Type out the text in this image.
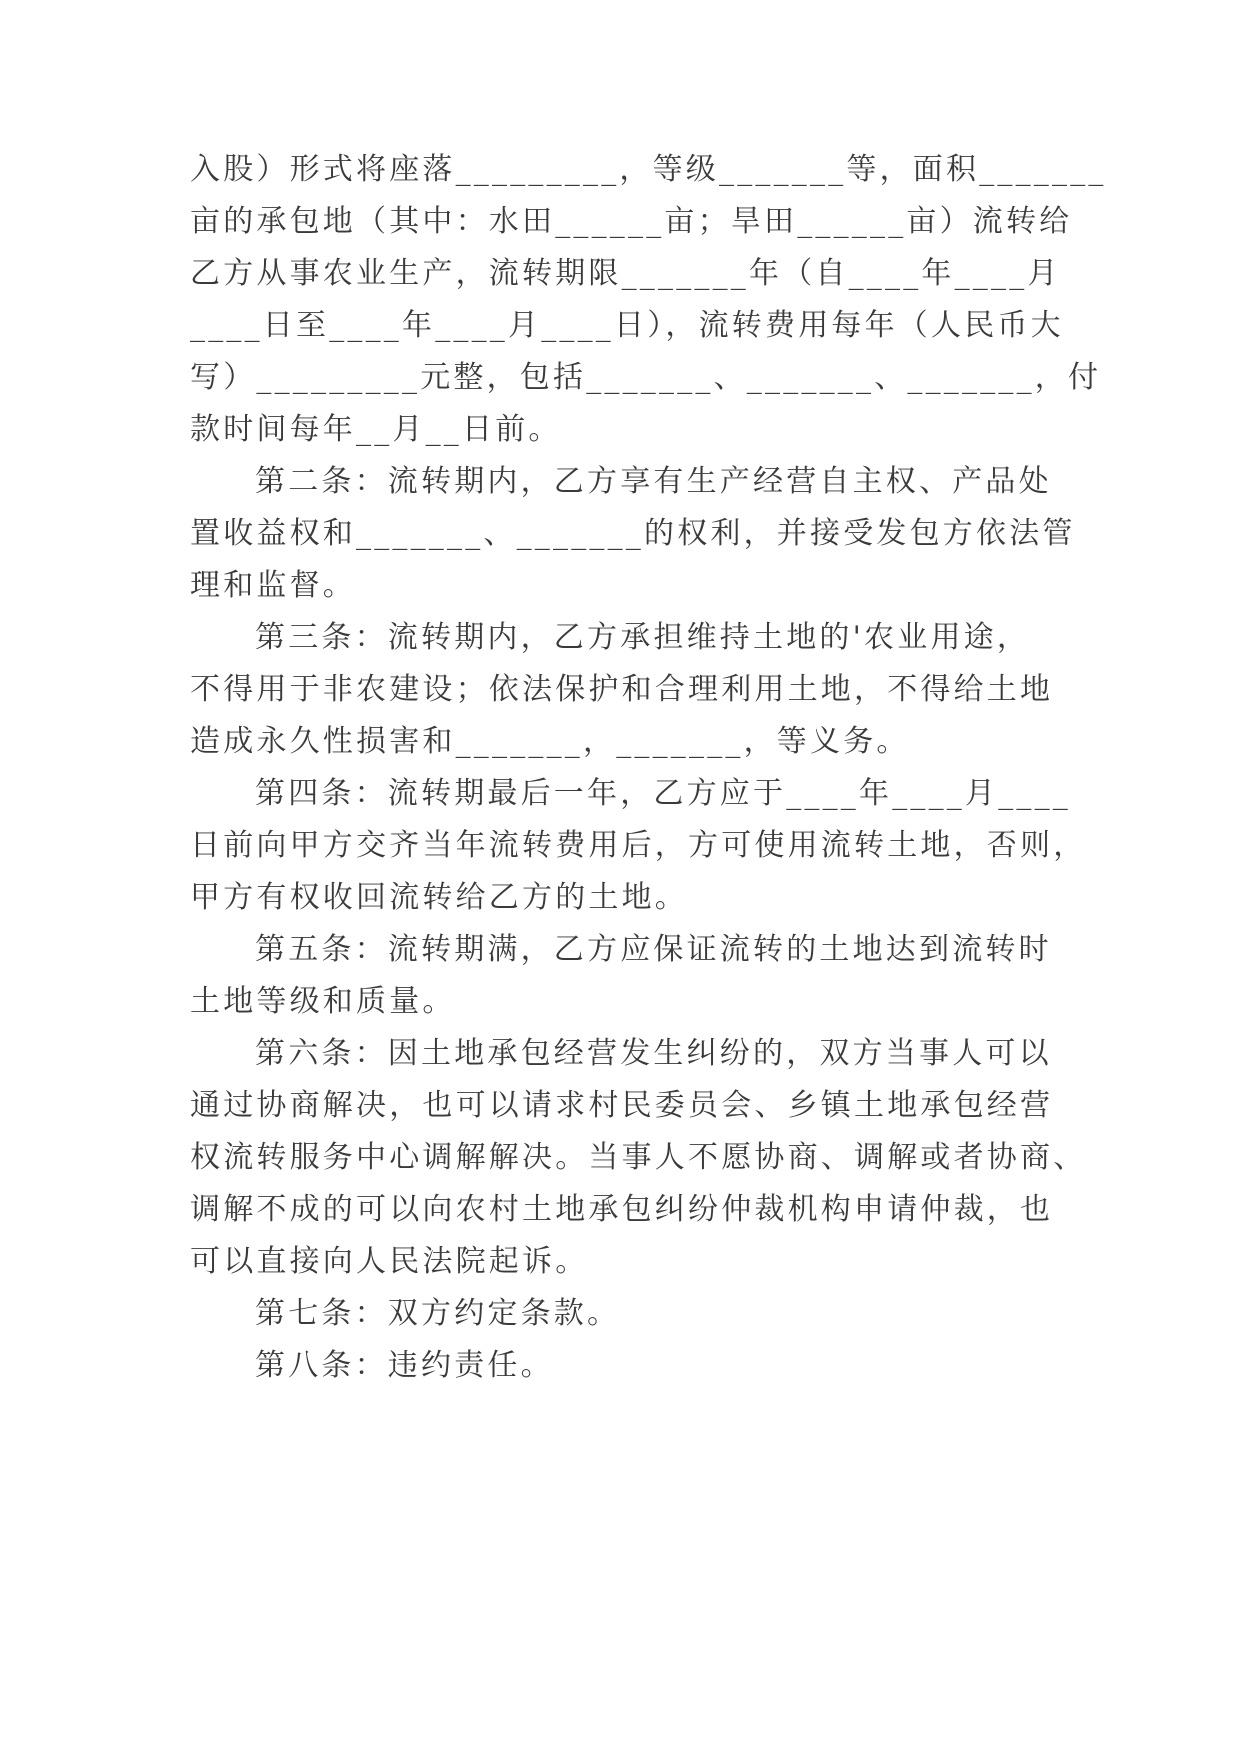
入股）形式将座落_________，等级_______等，面积_______

亩的承包地（其中：水田______亩；旱田______亩）流转给

乙方从事农业生产，流转期限_______年（自____年____月

____日至____年____月____日），流转费用每年（人民币大

写）_________元整，包括_______、_______、_______，付

款时间每年__月__日前。

第二条：流转期内，乙方享有生产经营自主权、产品处

置收益权和_______、_______的权利，并接受发包方依法管

理和监督。

第三条：流转期内，乙方承担维持土地的'农业用途，

不得用于非农建设；依法保护和合理利用土地，不得给土地

造成永久性损害和_______，_______，等义务。

第四条：流转期最后一年，乙方应于____年____月____

日前向甲方交齐当年流转费用后，方可使用流转土地，否则，

甲方有权收回流转给乙方的土地。

第五条：流转期满，乙方应保证流转的土地达到流转时

土地等级和质量。

第六条：因土地承包经营发生纠纷的，双方当事人可以

通过协商解决，也可以请求村民委员会、乡镇土地承包经营

权流转服务中心调解解决。当事人不愿协商、调解或者协商、

调解不成的可以向农村土地承包纠纷仲裁机构申请仲裁，也

可以直接向人民法院起诉。

第七条：双方约定条款。

第八条：违约责任。
